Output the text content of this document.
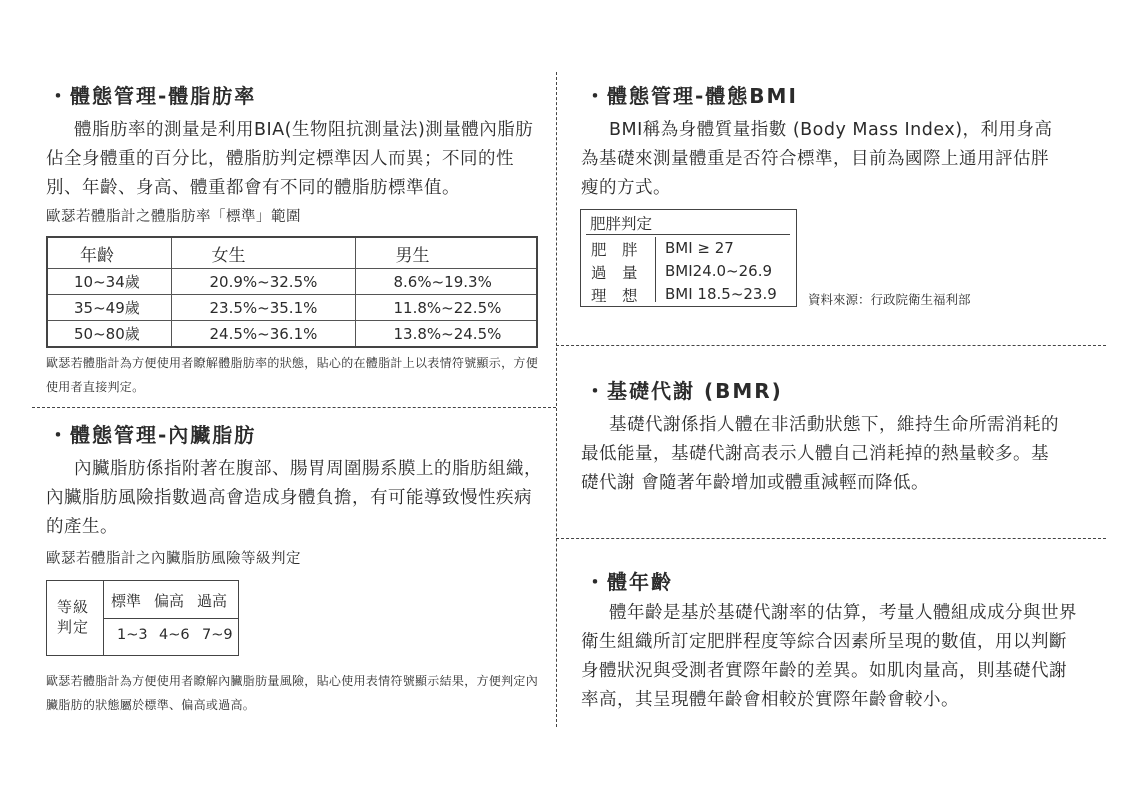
・體態管理-體脂肪率
體脂肪率的測量是利用BIA(生物阻抗測量法)測量體內脂肪佔全身體重的百分比，體脂肪判定標準因人而異；不同的性別、年齡、身高、體重都會有不同的體脂肪標準值。
歐瑟若體脂計之體脂肪率「標準」範圍
年齡	女生	男生
10~34歲	20.9%~32.5%	8.6%~19.3%
35~49歲	23.5%~35.1%	11.8%~22.5%
50~80歲	24.5%~36.1%	13.8%~24.5%
歐瑟若體脂計為方便使用者瞭解體脂肪率的狀態，貼心的在體脂計上以表情符號顯示，方便使用者直接判定。
・體態管理-內臟脂肪
內臟脂肪係指附著在腹部、腸胃周圍腸系膜上的脂肪組織，內臟脂肪風險指數過高會造成身體負擔，有可能導致慢性疾病的產生。
歐瑟若體脂計之內臟脂肪風險等級判定
等級判定
標準 偏高 過高
1~3 4~6 7~9
歐瑟若體脂計為方便使用者瞭解內臟脂肪量風險，貼心使用表情符號顯示結果，方便判定內臟脂肪的狀態屬於標準、偏高或過高。
・體態管理-體態BMI
BMI稱為身體質量指數 (Body Mass Index)，利用身高為基礎來測量體重是否符合標準，目前為國際上通用評估胖瘦的方式。
肥胖判定
肥　胖 BMI ≥ 27
過　量 BMI24.0~26.9
理　想 BMI 18.5~23.9 資料來源：行政院衛生福利部
・基礎代謝 (BMR)
基礎代謝係指人體在非活動狀態下，維持生命所需消耗的最低能量，基礎代謝高表示人體自己消耗掉的熱量較多。基礎代謝 會隨著年齡增加或體重減輕而降低。
・體年齡
體年齡是基於基礎代謝率的估算，考量人體組成成分與世界衛生組織所訂定肥胖程度等綜合因素所呈現的數值，用以判斷身體狀況與受測者實際年齡的差異。如肌肉量高，則基礎代謝率高，其呈現體年齡會相較於實際年齡會較小。
